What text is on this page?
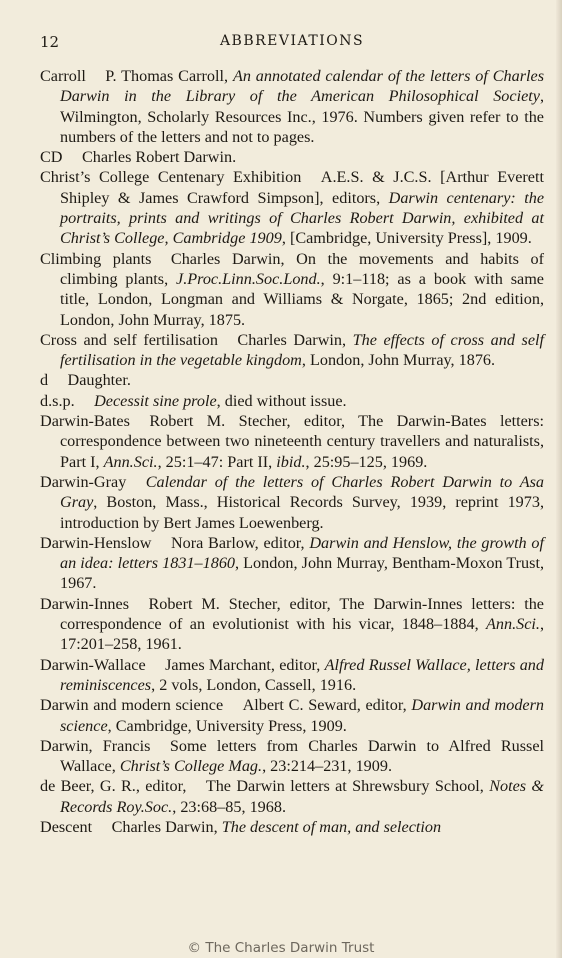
12	ABBREVIATIONS

Carroll P. Thomas Carroll, An annotated calendar of the letters of Charles Darwin in the Library of the American Philosophical Society, Wilmington, Scholarly Resources Inc., 1976. Numbers given refer to the numbers of the letters and not to pages.

CD Charles Robert Darwin.

Christ’s College Centenary Exhibition A.E.S. & J.C.S. [Arthur Everett Shipley & James Crawford Simpson], editors, Darwin centenary: the portraits, prints and writings of Charles Robert Darwin, exhibited at Christ’s College, Cambridge 1909, [Cambridge, University Press], 1909.

Climbing plants Charles Darwin, On the movements and habits of climbing plants, J.Proc.Linn.Soc.Lond., 9:1–118; as a book with same title, London, Longman and Williams & Norgate, 1865; 2nd edition, London, John Murray, 1875.

Cross and self fertilisation Charles Darwin, The effects of cross and self fertilisation in the vegetable kingdom, London, John Murray, 1876.

d Daughter.

d.s.p. Decessit sine prole, died without issue.

Darwin-Bates Robert M. Stecher, editor, The Darwin-Bates letters: correspondence between two nineteenth century travellers and naturalists, Part I, Ann.Sci., 25:1–47: Part II, ibid., 25:95–125, 1969.

Darwin-Gray Calendar of the letters of Charles Robert Darwin to Asa Gray, Boston, Mass., Historical Records Survey, 1939, reprint 1973, introduction by Bert James Loewenberg.

Darwin-Henslow Nora Barlow, editor, Darwin and Henslow, the growth of an idea: letters 1831–1860, London, John Murray, Bentham-Moxon Trust, 1967.

Darwin-Innes Robert M. Stecher, editor, The Darwin-Innes letters: the correspondence of an evolutionist with his vicar, 1848–1884, Ann.Sci., 17:201–258, 1961.

Darwin-Wallace James Marchant, editor, Alfred Russel Wallace, letters and reminiscences, 2 vols, London, Cassell, 1916.

Darwin and modern science Albert C. Seward, editor, Darwin and modern science, Cambridge, University Press, 1909.

Darwin, Francis Some letters from Charles Darwin to Alfred Russel Wallace, Christ’s College Mag., 23:214–231, 1909.

de Beer, G. R., editor, The Darwin letters at Shrewsbury School, Notes & Records Roy.Soc., 23:68–85, 1968.

Descent Charles Darwin, The descent of man, and selection

© The Charles Darwin Trust
